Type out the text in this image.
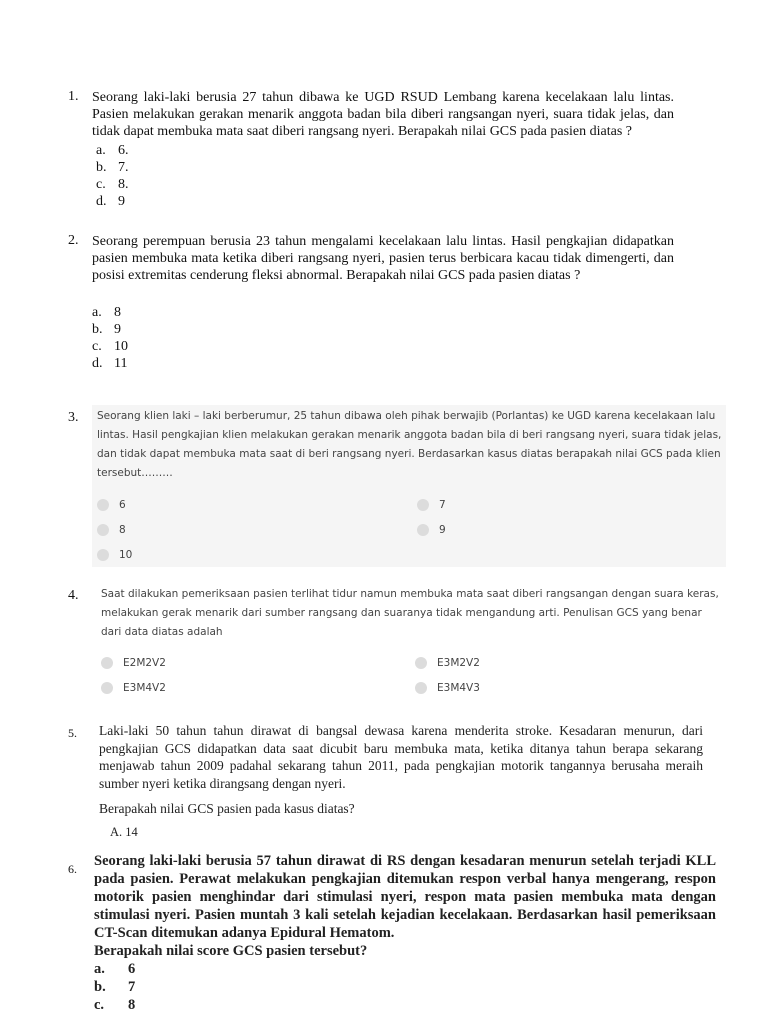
1. Seorang laki-laki berusia 27 tahun dibawa ke UGD RSUD Lembang karena kecelakaan lalu lintas. Pasien melakukan gerakan menarik anggota badan bila diberi rangsangan nyeri, suara tidak jelas, dan tidak dapat membuka mata saat diberi rangsang nyeri. Berapakah nilai GCS pada pasien diatas ?
a. 6.
b. 7.
c. 8.
d. 9
2. Seorang perempuan berusia 23 tahun mengalami kecelakaan lalu lintas. Hasil pengkajian didapatkan pasien membuka mata ketika diberi rangsang nyeri, pasien terus berbicara kacau tidak dimengerti, dan posisi extremitas cenderung fleksi abnormal. Berapakah nilai GCS pada pasien diatas ?
a. 8
b. 9
c. 10
d. 11
3. Seorang klien laki – laki berberumur, 25 tahun dibawa oleh pihak berwajib (Porlantas) ke UGD karena kecelakaan lalu lintas. Hasil pengkajian klien melakukan gerakan menarik anggota badan bila di beri rangsang nyeri, suara tidak jelas, dan tidak dapat membuka mata saat di beri rangsang nyeri. Berdasarkan kasus diatas berapakah nilai GCS pada klien tersebut………
6	7
8	9
10
4. Saat dilakukan pemeriksaan pasien terlihat tidur namun membuka mata saat diberi rangsangan dengan suara keras, melakukan gerak menarik dari sumber rangsang dan suaranya tidak mengandung arti. Penulisan GCS yang benar dari data diatas adalah
E2M2V2	E3M2V2
E3M4V2	E3M4V3
5. Laki-laki 50 tahun tahun dirawat di bangsal dewasa karena menderita stroke. Kesadaran menurun, dari pengkajian GCS didapatkan data saat dicubit baru membuka mata, ketika ditanya tahun berapa sekarang menjawab tahun 2009 padahal sekarang tahun 2011, pada pengkajian motorik tangannya berusaha meraih sumber nyeri ketika dirangsang dengan nyeri.
Berapakah nilai GCS pasien pada kasus diatas?
A. 14
6. Seorang laki-laki berusia 57 tahun dirawat di RS dengan kesadaran menurun setelah terjadi KLL pada pasien. Perawat melakukan pengkajian ditemukan respon verbal hanya mengerang, respon motorik pasien menghindar dari stimulasi nyeri, respon mata pasien membuka mata dengan stimulasi nyeri. Pasien muntah 3 kali setelah kejadian kecelakaan. Berdasarkan hasil pemeriksaan CT-Scan ditemukan adanya Epidural Hematom.
Berapakah nilai score GCS pasien tersebut?
a.	6
b.	7
c.	8
